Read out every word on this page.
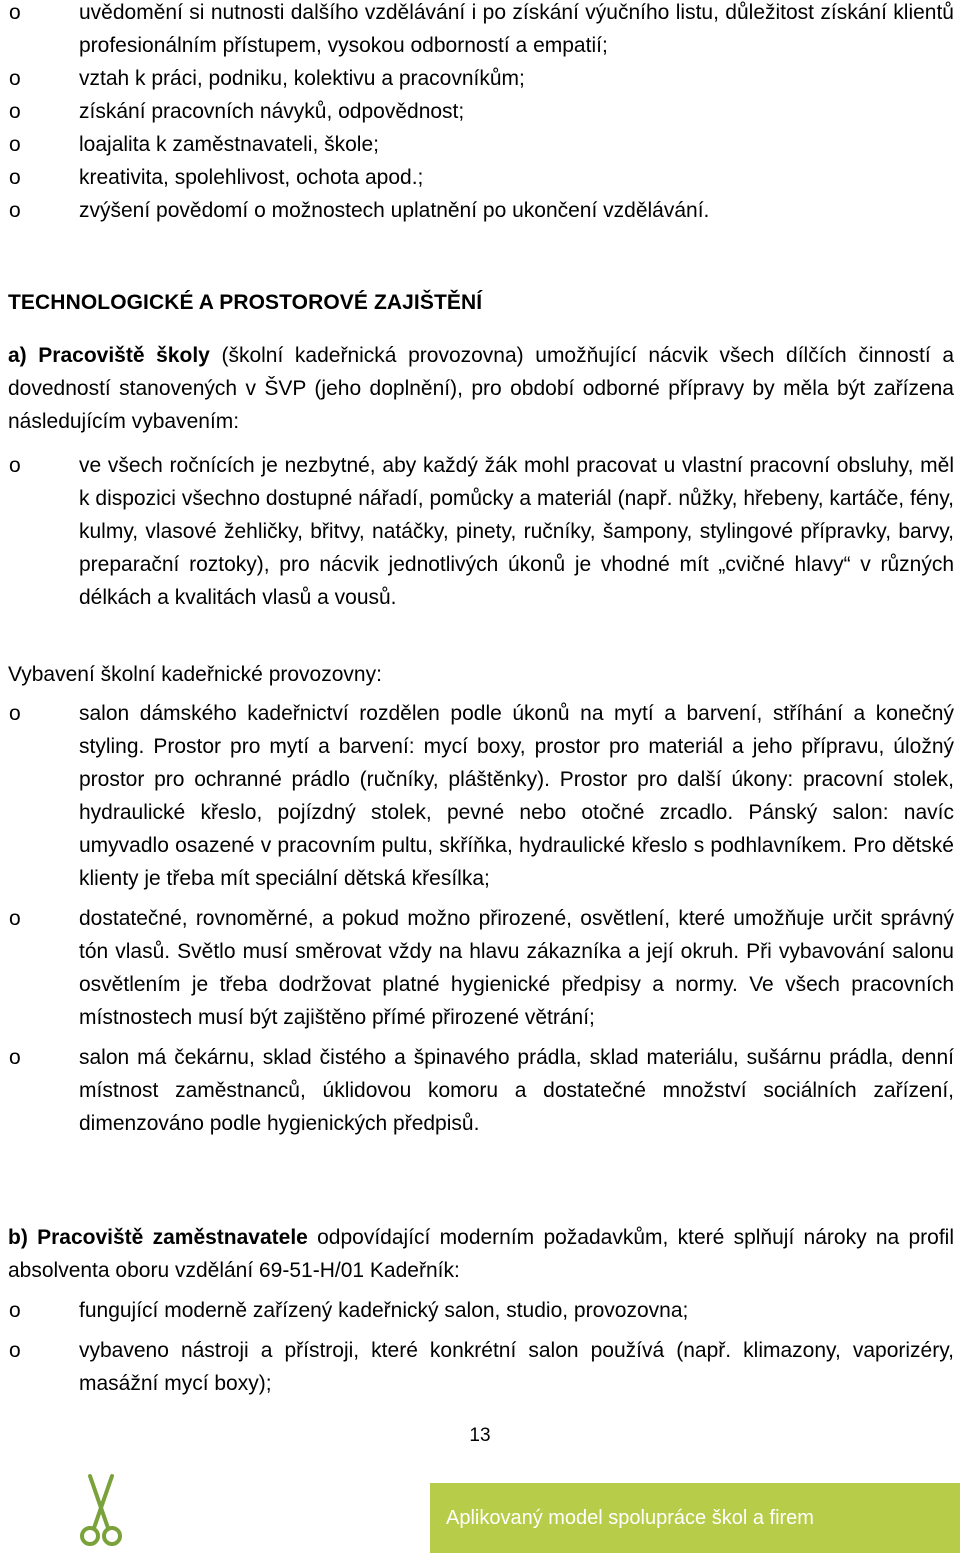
o	uvědomění si nutnosti dalšího vzdělávání i po získání výučního listu, důležitost získání klientů profesionálním přístupem, vysokou odborností a empatií;
o	vztah k práci, podniku, kolektivu a pracovníkům;
o	získání pracovních návyků, odpovědnost;
o	loajalita k zaměstnavateli, škole;
o	kreativita, spolehlivost, ochota apod.;
o	zvýšení povědomí o možnostech uplatnění po ukončení vzdělávání.
TECHNOLOGICKÉ A PROSTOROVÉ ZAJIŠTĚNÍ

a) Pracoviště školy (školní kadeřnická provozovna) umožňující nácvik všech dílčích činností a dovedností stanovených v ŠVP (jeho doplnění), pro období odborné přípravy by měla být zařízena následujícím vybavením:

o	ve všech ročnících je nezbytné, aby každý žák mohl pracovat u vlastní pracovní obsluhy, měl k dispozici všechno dostupné nářadí, pomůcky a materiál (např. nůžky, hřebeny, kartáče, fény, kulmy, vlasové žehličky, břitvy, natáčky, pinety, ručníky, šampony, stylingové přípravky, barvy, preparační roztoky), pro nácvik jednotlivých úkonů je vhodné mít „cvičné hlavy“ v různých délkách a kvalitách vlasů a vousů.

Vybavení školní kadeřnické provozovny:

o	salon dámského kadeřnictví rozdělen podle úkonů na mytí a barvení, stříhání a konečný styling. Prostor pro mytí a barvení: mycí boxy, prostor pro materiál a jeho přípravu, úložný prostor pro ochranné prádlo (ručníky, pláštěnky). Prostor pro další úkony: pracovní stolek, hydraulické křeslo, pojízdný stolek, pevné nebo otočné zrcadlo. Pánský salon: navíc umyvadlo osazené v pracovním pultu, skříňka, hydraulické křeslo s podhlavníkem. Pro dětské klienty je třeba mít speciální dětská křesílka;
o	dostatečné, rovnoměrné, a pokud možno přirozené, osvětlení, které umožňuje určit správný tón vlasů. Světlo musí směrovat vždy na hlavu zákazníka a její okruh. Při vybavování salonu osvětlením je třeba dodržovat platné hygienické předpisy a normy. Ve všech pracovních místnostech musí být zajištěno přímé přirozené větrání;
o	salon má čekárnu, sklad čistého a špinavého prádla, sklad materiálu, sušárnu prádla, denní místnost zaměstnanců, úklidovou komoru a dostatečné množství sociálních zařízení, dimenzováno podle hygienických předpisů.

b) Pracoviště zaměstnavatele odpovídající moderním požadavkům, které splňují nároky na profil absolventa oboru vzdělání 69-51-H/01 Kadeřník:

o	fungující moderně zařízený kadeřnický salon, studio, provozovna;
o	vybaveno nástroji a přístroji, které konkrétní salon používá (např. klimazony, vaporizéry, masážní mycí boxy);
13
Aplikovaný model spolupráce škol a firem
